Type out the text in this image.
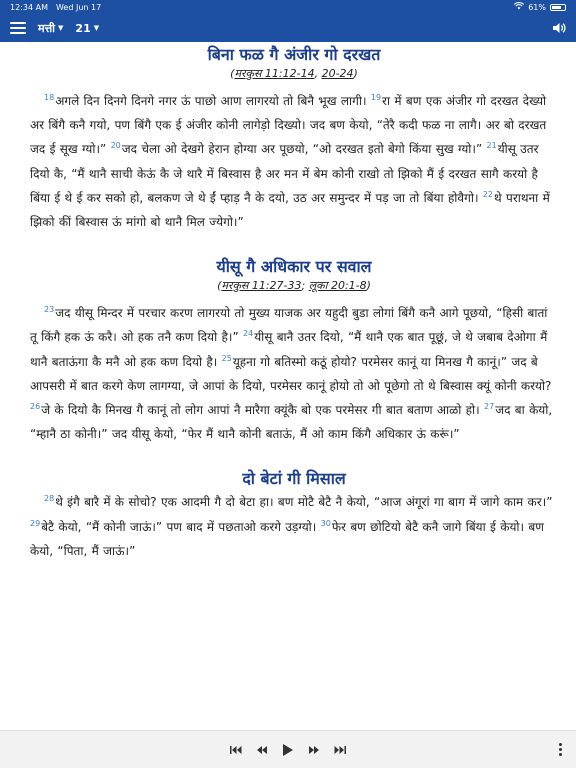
12:34 AM Wed Jun 17	61%
मत्ती ▼ 21 ▼
बिना फळ गै अंजीर गो दरखत
(मरकुस 11:12-14, 20-24)

$^{18}$अगले दिन दिनगे दिनगे नगर ऊं पाछो आण लागरयो तो बिनै भूख लागी। $^{19}$रा में बण एक अंजीर गो दरखत देख्यो अर बिंगै कनै गयो, पण बिंगै एक ई अंजीर कोनी लागेड़ो दिख्यो। जद बण केयो, “तेरै कदी फळ ना लागै। अर बो दरखत जद ई सूख ग्यो।” $^{20}$जद चेला ओ देखगे हेरान होग्या अर पूछयो, “ओ दरखत इतो बेगो किंया सुख ग्यो।” $^{21}$यीसू उतर दियो कै, “मैं थानै साची केऊं कै जे थारै में बिस्वास है अर मन में बेम कोनी राखो तो झिको मैं ई दरखत सागै करयो है बिंया ई थे ई कर सको हो, बलकण जे थे ईं प्हाड़ नै के दयो, उठ अर समुन्दर में पड़ जा तो बिंया होवैगो। $^{22}$थे पराथना में झिको कीं बिस्वास ऊं मांगो बो थानै मिल ज्येगो।”

यीसू गै अधिकार पर सवाल
(मरकुस 11:27-33; लूका 20:1-8)

$^{23}$जद यीसू मिन्दर में परचार करण लागरयो तो मुख्य याजक अर यहुदी बुडा लोगां बिंगै कनै आगे पूछयो, “हिसी बातां तू किंगै हक ऊं करै। ओ हक तनै कण दियो है।” $^{24}$यीसू बानै उतर दियो, “मैं थानै एक बात पूछूं, जे थे जबाब देओगा मैं थानै बताऊंगा कै मनै ओ हक कण दियो है। $^{25}$यूहना गो बतिस्मो कठूं होयो? परमेसर कानूं या मिनख गै कानूं।” जद बे आपसरी में बात करगे केण लागग्या, जे आपां के दियो, परमेसर कानूं होयो तो ओ पूछेगो तो थे बिस्वास क्यूं कोनी करयो? $^{26}$जे के दियो कै मिनख गै कानूं तो लोग आपां नै मारैगा क्यूंकै बो एक परमेसर गी बात बताण आळो हो। $^{27}$जद बा केयो, “म्हानै ठा कोनी।” जद यीसू केयो, “फेर मैं थानै कोनी बताऊं, मैं ओ काम किंगै अधिकार ऊं करूं।”

दो बेटां गी मिसाल

$^{28}$थे इंगै बारै में के सोचो? एक आदमी गै दो बेटा हा। बण मोटै बेटै नै केयो, “आज अंगूरां गा बाग में जागे काम कर।” $^{29}$बेटै केयो, “मैं कोनी जाऊं।” पण बाद में पछताओ करगे उड़ग्यो। $^{30}$फेर बण छोटियो बेटै कनै जागे बिंया ई केयो। बण केयो, “पिता, मैं जाऊं।”
